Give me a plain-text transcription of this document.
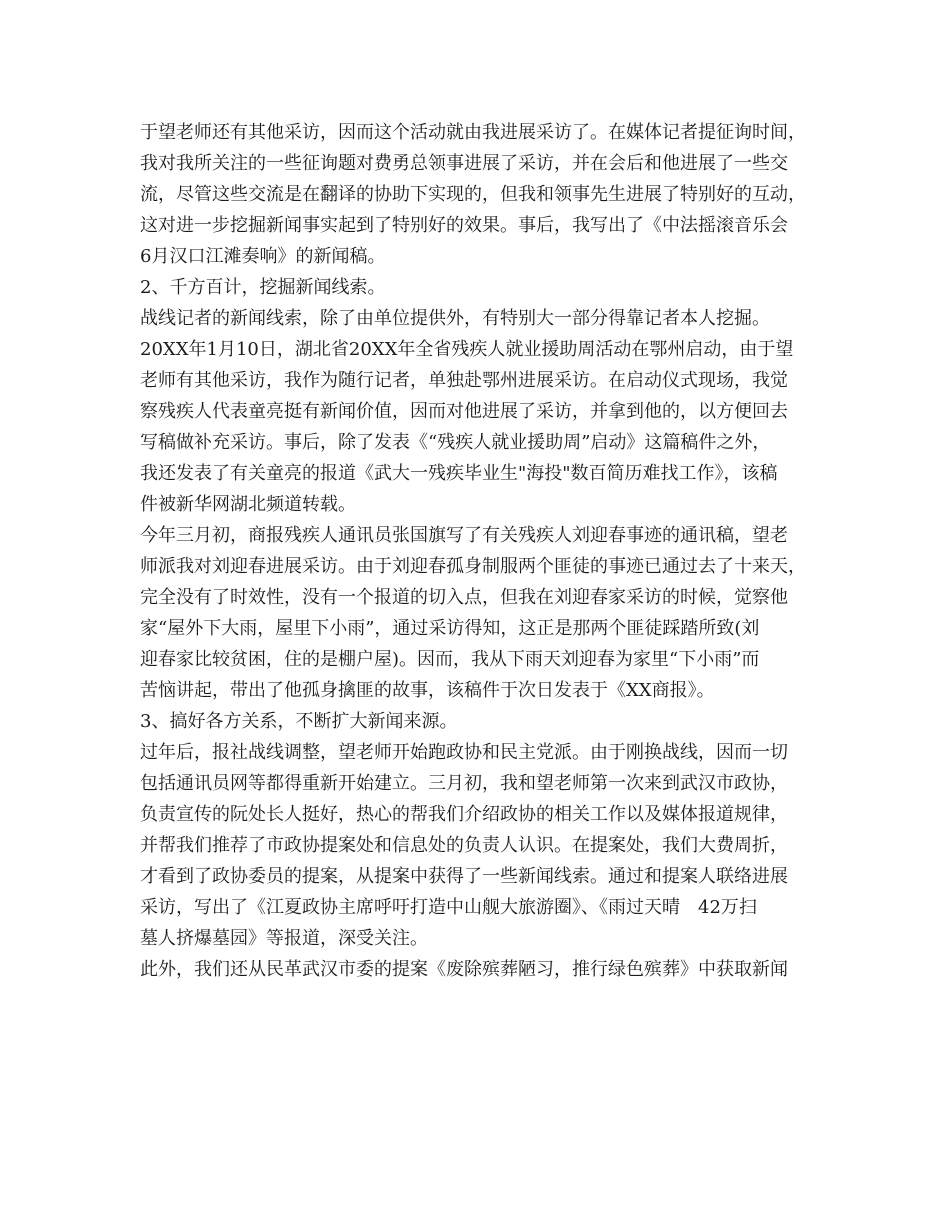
于望老师还有其他采访，因而这个活动就由我进展采访了。在媒体记者提征询时间，
我对我所关注的一些征询题对费勇总领事进展了采访，并在会后和他进展了一些交
流，尽管这些交流是在翻译的协助下实现的，但我和领事先生进展了特别好的互动，
这对进一步挖掘新闻事实起到了特别好的效果。事后，我写出了《中法摇滚音乐会
6月汉口江滩奏响》的新闻稿。
2、千方百计，挖掘新闻线索。
战线记者的新闻线索，除了由单位提供外，有特别大一部分得靠记者本人挖掘。
20XX年1月10日，湖北省20XX年全省残疾人就业援助周活动在鄂州启动，由于望
老师有其他采访，我作为随行记者，单独赴鄂州进展采访。在启动仪式现场，我觉
察残疾人代表童亮挺有新闻价值，因而对他进展了采访，并拿到他的，以方便回去
写稿做补充采访。事后，除了发表《“残疾人就业援助周”启动》这篇稿件之外，
我还发表了有关童亮的报道《武大一残疾毕业生"海投"数百简历难找工作》，该稿
件被新华网湖北频道转载。
今年三月初，商报残疾人通讯员张国旗写了有关残疾人刘迎春事迹的通讯稿，望老
师派我对刘迎春进展采访。由于刘迎春孤身制服两个匪徒的事迹已通过去了十来天，
完全没有了时效性，没有一个报道的切入点，但我在刘迎春家采访的时候，觉察他
家“屋外下大雨，屋里下小雨”，通过采访得知，这正是那两个匪徒踩踏所致(刘
迎春家比较贫困，住的是棚户屋)。因而，我从下雨天刘迎春为家里“下小雨”而
苦恼讲起，带出了他孤身擒匪的故事，该稿件于次日发表于《XX商报》。
3、搞好各方关系，不断扩大新闻来源。
过年后，报社战线调整，望老师开始跑政协和民主党派。由于刚换战线，因而一切
包括通讯员网等都得重新开始建立。三月初，我和望老师第一次来到武汉市政协，
负责宣传的阮处长人挺好，热心的帮我们介绍政协的相关工作以及媒体报道规律，
并帮我们推荐了市政协提案处和信息处的负责人认识。在提案处，我们大费周折，
才看到了政协委员的提案，从提案中获得了一些新闻线索。通过和提案人联络进展
采访，写出了《江夏政协主席呼吁打造中山舰大旅游圈》、《雨过天晴　42万扫
墓人挤爆墓园》等报道，深受关注。
此外，我们还从民革武汉市委的提案《废除殡葬陋习，推行绿色殡葬》中获取新闻
